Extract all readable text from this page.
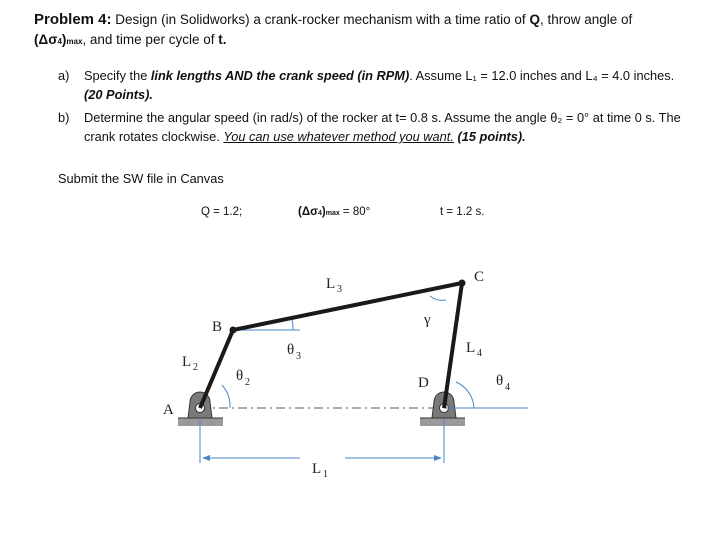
Problem 4: Design (in Solidworks) a crank-rocker mechanism with a time ratio of Q, throw angle of
(Δσ4)max, and time per cycle of t.
a) Specify the link lengths AND the crank speed (in RPM). Assume L₁ = 12.0 inches and L₄ = 4.0 inches. (20 Points).
b) Determine the angular speed (in rad/s) of the rocker at t= 0.8 s. Assume the angle θ₂ = 0° at time 0 s. The crank rotates clockwise. You can use whatever method you want. (15 points).
Submit the SW file in Canvas
Q = 1.2;	(Δσ4)max = 80°	t = 1.2 s.
A
B
C
D
L 2
L 3
L 4
L 1
θ 2
θ 3
θ 4
γ
